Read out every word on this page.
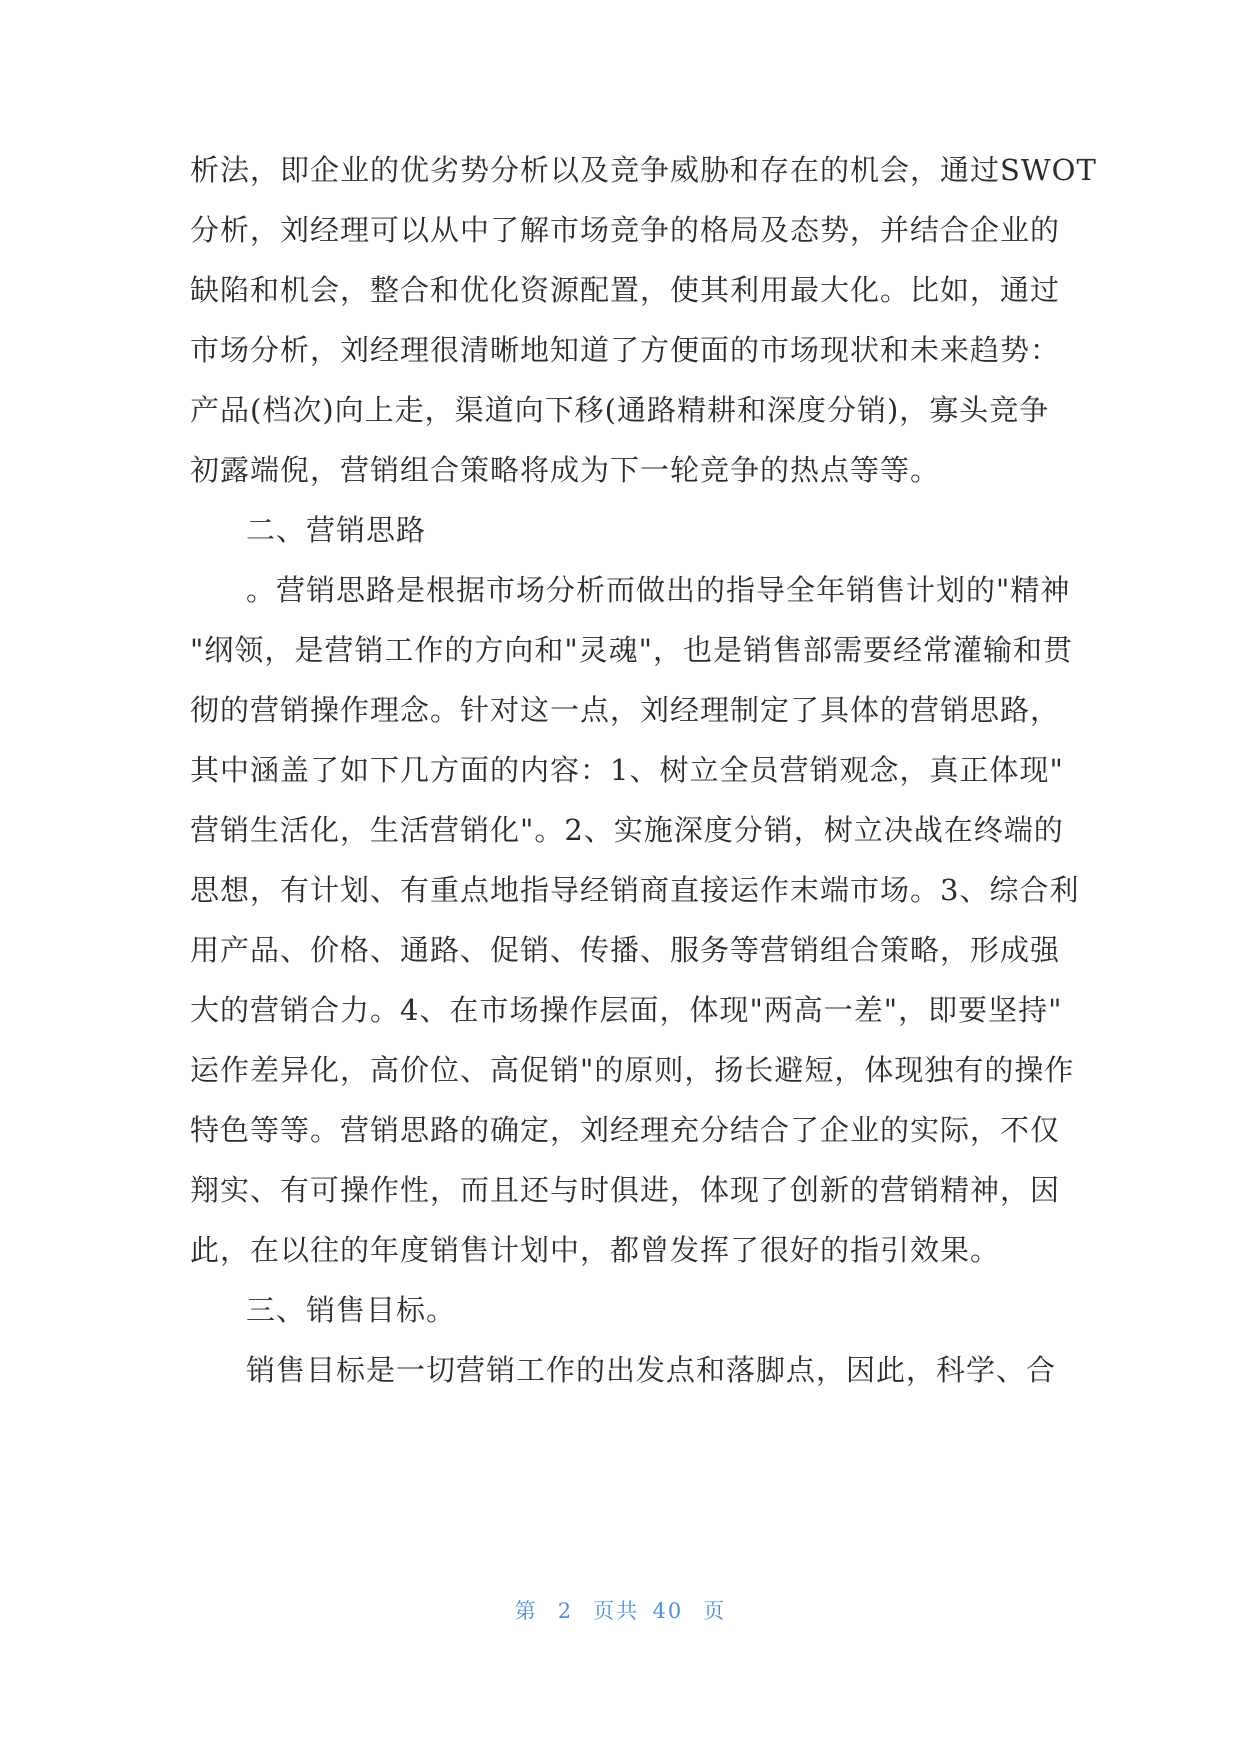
析法，即企业的优劣势分析以及竞争威胁和存在的机会，通过SWOT

分析，刘经理可以从中了解市场竞争的格局及态势，并结合企业的

缺陷和机会，整合和优化资源配置，使其利用最大化。比如，通过

市场分析，刘经理很清晰地知道了方便面的市场现状和未来趋势：

产品(档次)向上走，渠道向下移(通路精耕和深度分销)，寡头竞争

初露端倪，营销组合策略将成为下一轮竞争的热点等等。

二、营销思路

。营销思路是根据市场分析而做出的指导全年销售计划的"精神

"纲领，是营销工作的方向和"灵魂"，也是销售部需要经常灌输和贯

彻的营销操作理念。针对这一点，刘经理制定了具体的营销思路，

其中涵盖了如下几方面的内容：1、树立全员营销观念，真正体现"

营销生活化，生活营销化"。2、实施深度分销，树立决战在终端的

思想，有计划、有重点地指导经销商直接运作末端市场。3、综合利

用产品、价格、通路、促销、传播、服务等营销组合策略，形成强

大的营销合力。4、在市场操作层面，体现"两高一差"，即要坚持"

运作差异化，高价位、高促销"的原则，扬长避短，体现独有的操作

特色等等。营销思路的确定，刘经理充分结合了企业的实际，不仅

翔实、有可操作性，而且还与时俱进，体现了创新的营销精神，因

此，在以往的年度销售计划中，都曾发挥了很好的指引效果。

三、销售目标。

销售目标是一切营销工作的出发点和落脚点，因此，科学、合

第 2 页共 40 页
